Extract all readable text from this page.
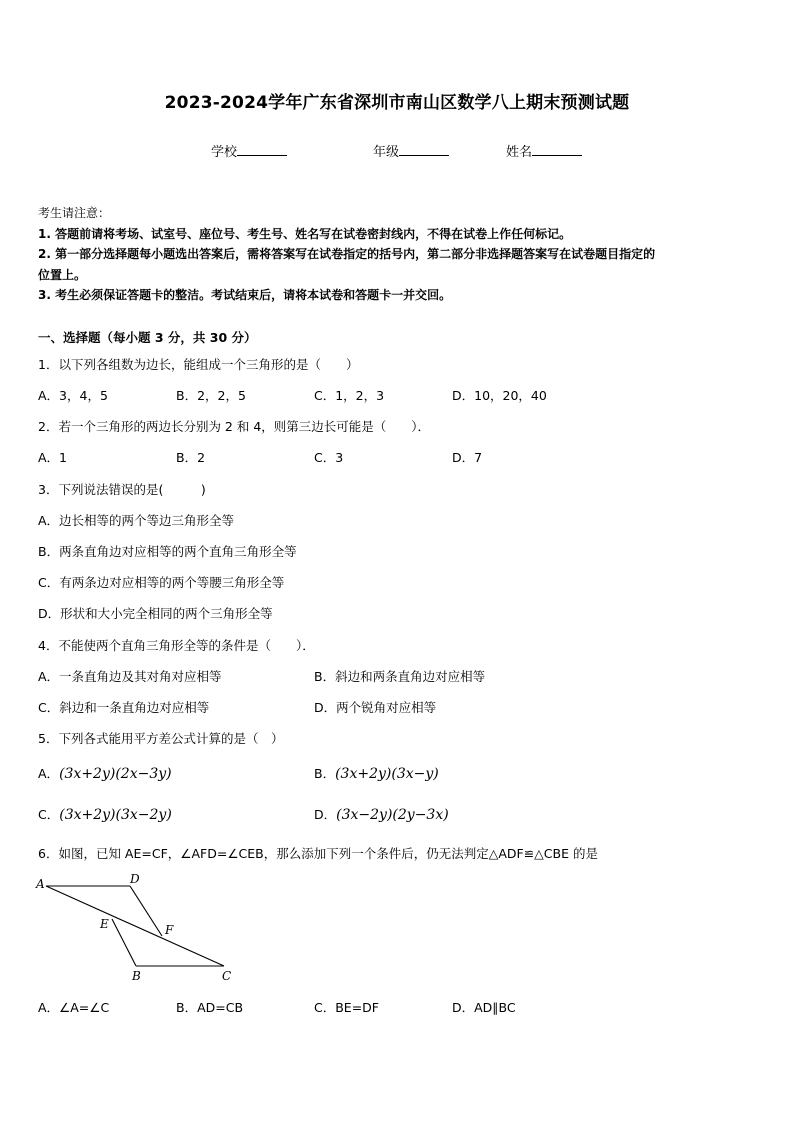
2023-2024学年广东省深圳市南山区数学八上期末预测试题
学校	年级	姓名
考生请注意：
1. 答题前请将考场、试室号、座位号、考生号、姓名写在试卷密封线内，不得在试卷上作任何标记。
2. 第一部分选择题每小题选出答案后，需将答案写在试卷指定的括号内，第二部分非选择题答案写在试卷题目指定的
位置上。
3. 考生必须保证答题卡的整洁。考试结束后，请将本试卷和答题卡一并交回。
一、选择题（每小题 3 分，共 30 分）
1．以下列各组数为边长，能组成一个三角形的是（　　）
A．3，4，5	B．2，2，5	C．1，2，3	D．10，20，40
2．若一个三角形的两边长分别为 2 和 4，则第三边长可能是（　　）．
A．1	B．2	C．3	D．7
3．下列说法错误的是(　　　)
A．边长相等的两个等边三角形全等
B．两条直角边对应相等的两个直角三角形全等
C．有两条边对应相等的两个等腰三角形全等
D．形状和大小完全相同的两个三角形全等
4．不能使两个直角三角形全等的条件是（　　）．
A．一条直角边及其对角对应相等	B．斜边和两条直角边对应相等
C．斜边和一条直角边对应相等	D．两个锐角对应相等
5．下列各式能用平方差公式计算的是（　）
A．(3x+2y)(2x−3y)	B．(3x+2y)(3x−y)
C．(3x+2y)(3x−2y)	D．(3x−2y)(2y−3x)
6．如图，已知 AE=CF，∠AFD=∠CEB，那么添加下列一个条件后，仍无法判定△ADF≌△CBE 的是
A	D
E	F
B	C
A．∠A=∠C	B．AD=CB	C．BE=DF	D．AD∥BC
